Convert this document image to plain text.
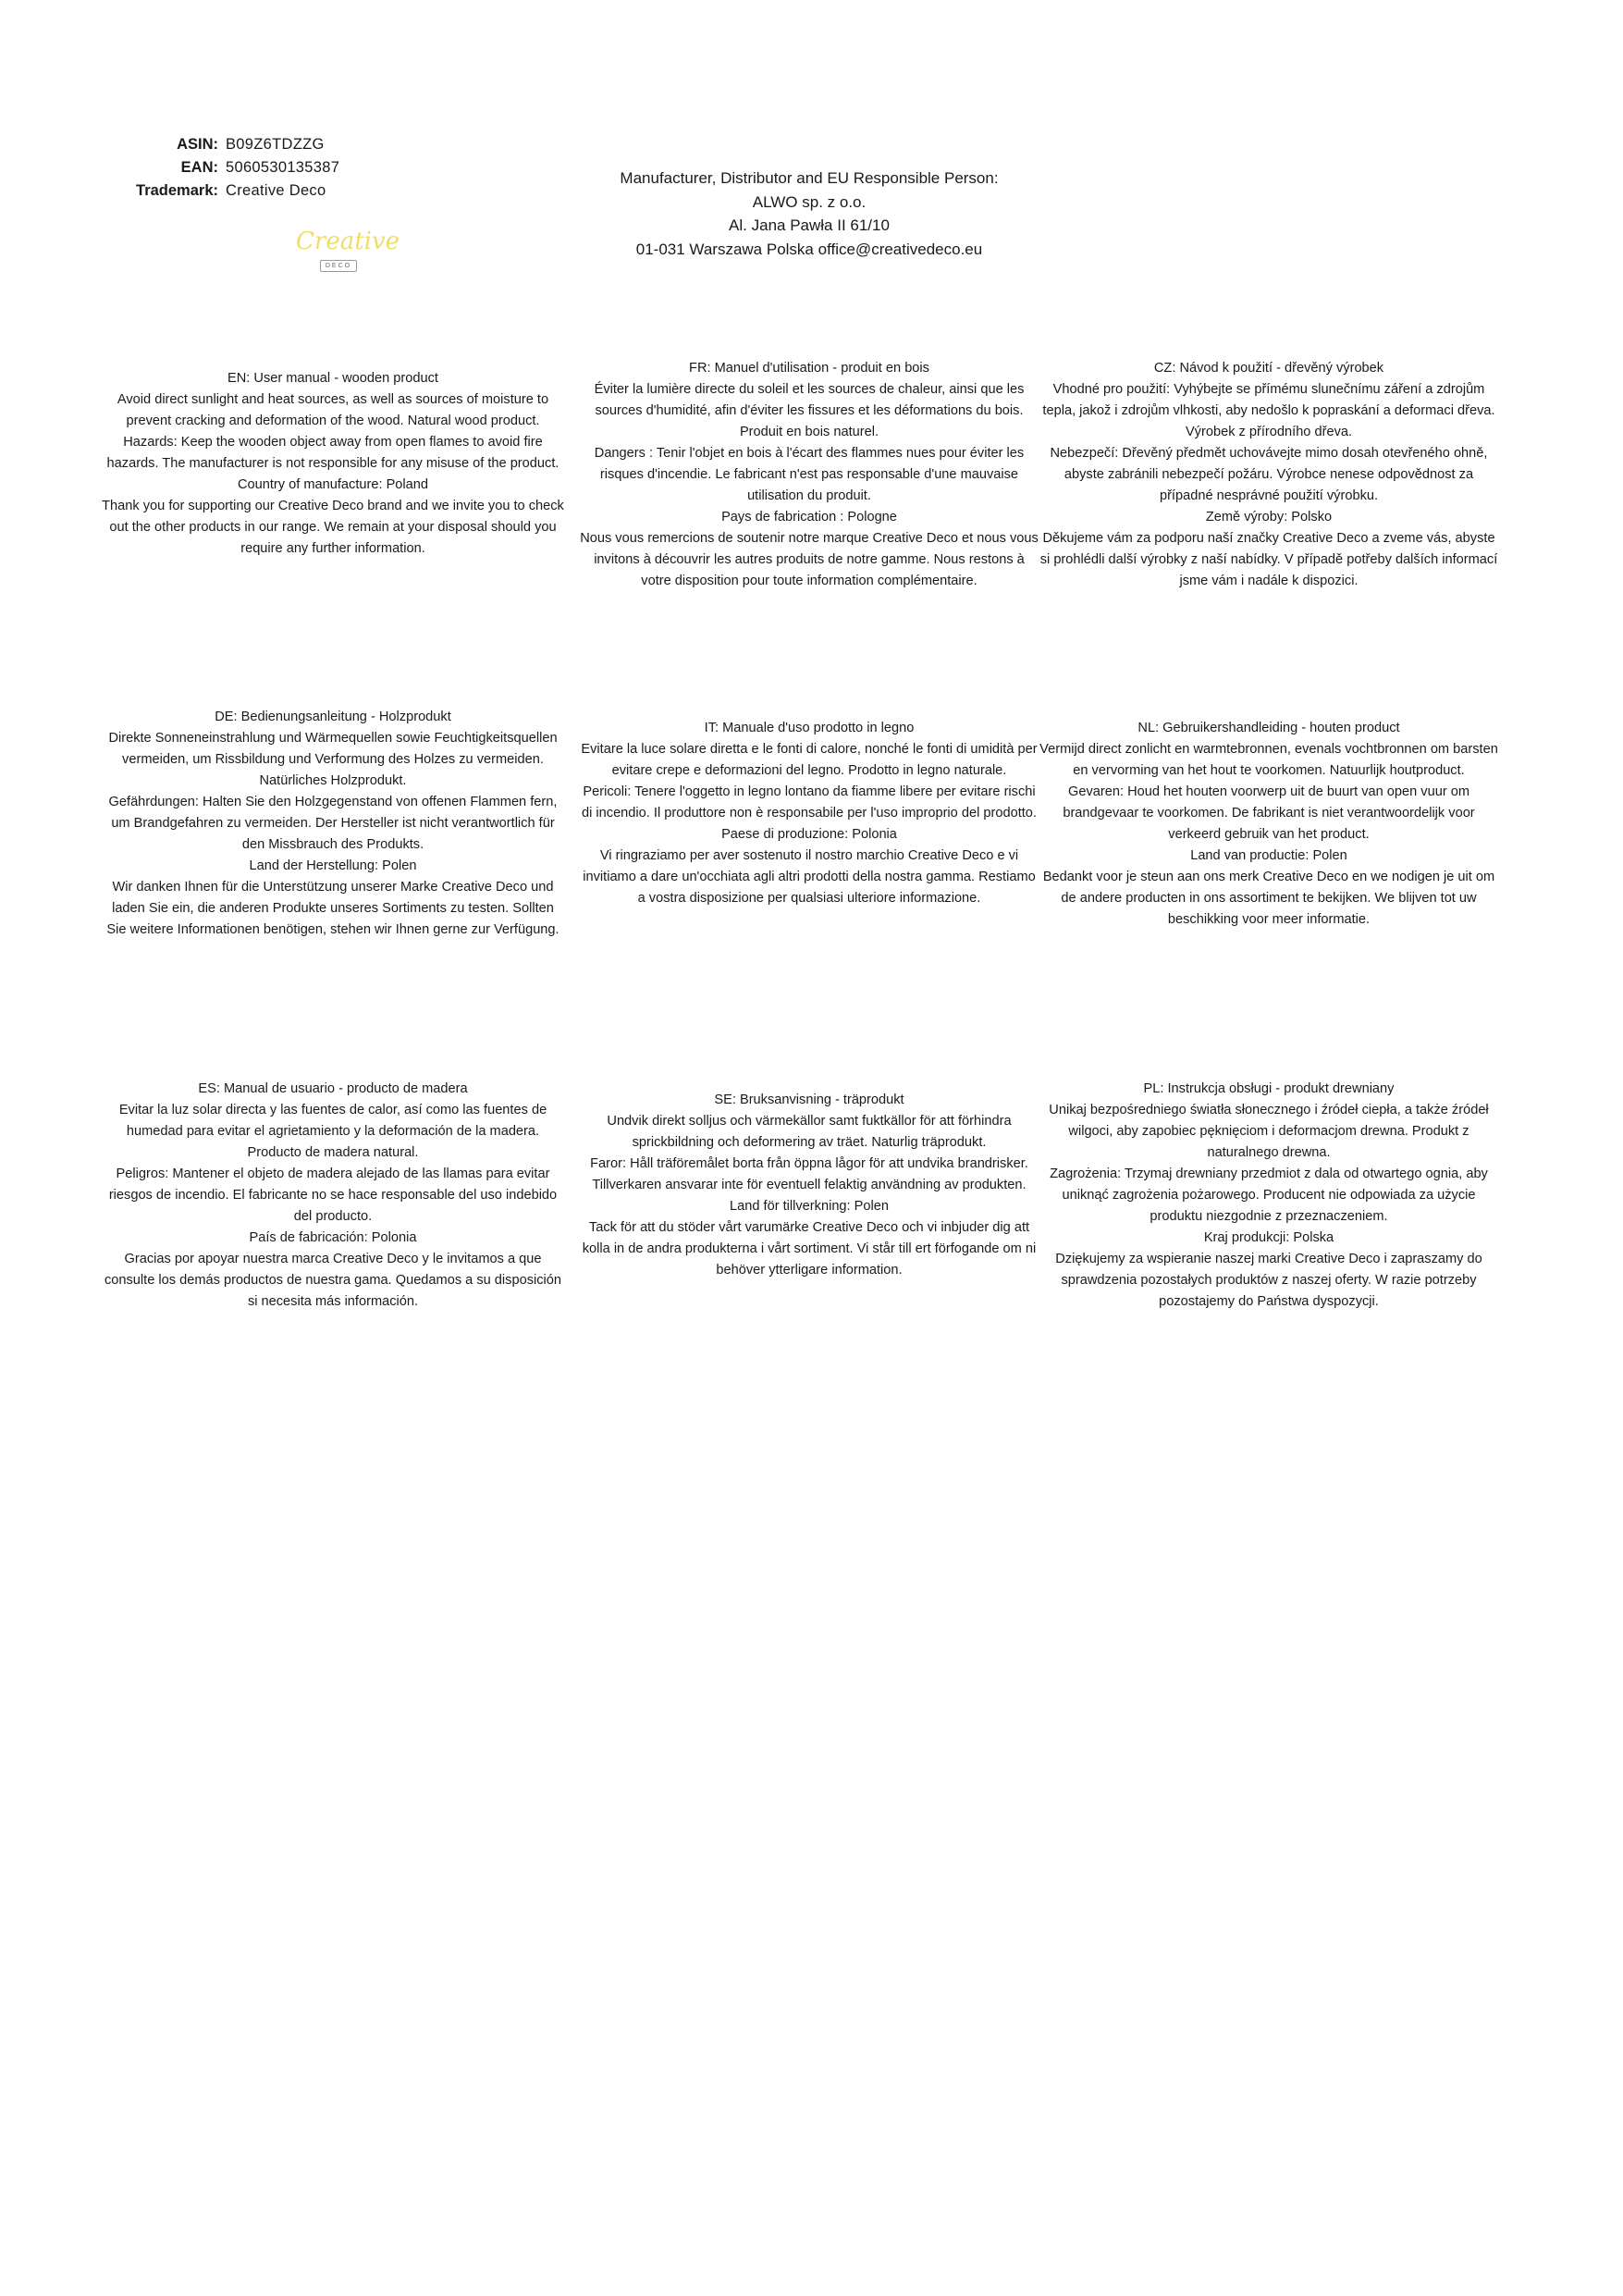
ASIN: B09Z6TDZZG
EAN: 5060530135387
Trademark: Creative Deco
Creative
DECO
Manufacturer, Distributor and EU Responsible Person:
ALWO sp. z o.o.
Al. Jana Pawła II 61/10
01-031 Warszawa Polska office@creativedeco.eu

EN: User manual - wooden product

Avoid direct sunlight and heat sources, as well as sources of moisture to prevent cracking and deformation of the wood. Natural wood product.

Hazards: Keep the wooden object away from open flames to avoid fire hazards. The manufacturer is not responsible for any misuse of the product.

Country of manufacture: Poland

Thank you for supporting our Creative Deco brand and we invite you to check out the other products in our range. We remain at your disposal should you require any further information.

FR: Manuel d'utilisation - produit en bois

Éviter la lumière directe du soleil et les sources de chaleur, ainsi que les sources d'humidité, afin d'éviter les fissures et les déformations du bois. Produit en bois naturel.

Dangers : Tenir l'objet en bois à l'écart des flammes nues pour éviter les risques d'incendie. Le fabricant n'est pas responsable d'une mauvaise utilisation du produit.

Pays de fabrication : Pologne

Nous vous remercions de soutenir notre marque Creative Deco et nous vous invitons à découvrir les autres produits de notre gamme. Nous restons à votre disposition pour toute information complémentaire.

CZ: Návod k použití - dřevěný výrobek

Vhodné pro použití: Vyhýbejte se přímému slunečnímu záření a zdrojům tepla, jakož i zdrojům vlhkosti, aby nedošlo k popraskání a deformaci dřeva. Výrobek z přírodního dřeva.

Nebezpečí: Dřevěný předmět uchovávejte mimo dosah otevřeného ohně, abyste zabránili nebezpečí požáru. Výrobce nenese odpovědnost za případné nesprávné použití výrobku.

Země výroby: Polsko

Děkujeme vám za podporu naší značky Creative Deco a zveme vás, abyste si prohlédli další výrobky z naší nabídky. V případě potřeby dalších informací jsme vám i nadále k dispozici.

DE: Bedienungsanleitung - Holzprodukt

Direkte Sonneneinstrahlung und Wärmequellen sowie Feuchtigkeitsquellen vermeiden, um Rissbildung und Verformung des Holzes zu vermeiden. Natürliches Holzprodukt.

Gefährdungen: Halten Sie den Holzgegenstand von offenen Flammen fern, um Brandgefahren zu vermeiden. Der Hersteller ist nicht verantwortlich für den Missbrauch des Produkts.

Land der Herstellung: Polen

Wir danken Ihnen für die Unterstützung unserer Marke Creative Deco und laden Sie ein, die anderen Produkte unseres Sortiments zu testen. Sollten Sie weitere Informationen benötigen, stehen wir Ihnen gerne zur Verfügung.

IT: Manuale d'uso prodotto in legno

Evitare la luce solare diretta e le fonti di calore, nonché le fonti di umidità per evitare crepe e deformazioni del legno. Prodotto in legno naturale.

Pericoli: Tenere l'oggetto in legno lontano da fiamme libere per evitare rischi di incendio. Il produttore non è responsabile per l'uso improprio del prodotto.

Paese di produzione: Polonia

Vi ringraziamo per aver sostenuto il nostro marchio Creative Deco e vi invitiamo a dare un'occhiata agli altri prodotti della nostra gamma. Restiamo a vostra disposizione per qualsiasi ulteriore informazione.

NL: Gebruikershandleiding - houten product

Vermijd direct zonlicht en warmtebronnen, evenals vochtbronnen om barsten en vervorming van het hout te voorkomen. Natuurlijk houtproduct.

Gevaren: Houd het houten voorwerp uit de buurt van open vuur om brandgevaar te voorkomen. De fabrikant is niet verantwoordelijk voor verkeerd gebruik van het product.

Land van productie: Polen

Bedankt voor je steun aan ons merk Creative Deco en we nodigen je uit om de andere producten in ons assortiment te bekijken. We blijven tot uw beschikking voor meer informatie.

ES: Manual de usuario - producto de madera

Evitar la luz solar directa y las fuentes de calor, así como las fuentes de humedad para evitar el agrietamiento y la deformación de la madera. Producto de madera natural.

Peligros: Mantener el objeto de madera alejado de las llamas para evitar riesgos de incendio. El fabricante no se hace responsable del uso indebido del producto.

País de fabricación: Polonia

Gracias por apoyar nuestra marca Creative Deco y le invitamos a que consulte los demás productos de nuestra gama. Quedamos a su disposición si necesita más información.

SE: Bruksanvisning - träprodukt

Undvik direkt solljus och värmekällor samt fuktkällor för att förhindra sprickbildning och deformering av träet. Naturlig träprodukt.

Faror: Håll träföremålet borta från öppna lågor för att undvika brandrisker. Tillverkaren ansvarar inte för eventuell felaktig användning av produkten.

Land för tillverkning: Polen

Tack för att du stöder vårt varumärke Creative Deco och vi inbjuder dig att kolla in de andra produkterna i vårt sortiment. Vi står till ert förfogande om ni behöver ytterligare information.

PL: Instrukcja obsługi - produkt drewniany

Unikaj bezpośredniego światła słonecznego i źródeł ciepła, a także źródeł wilgoci, aby zapobiec pęknięciom i deformacjom drewna. Produkt z naturalnego drewna.

Zagrożenia: Trzymaj drewniany przedmiot z dala od otwartego ognia, aby uniknąć zagrożenia pożarowego. Producent nie odpowiada za użycie produktu niezgodnie z przeznaczeniem.

Kraj produkcji: Polska

Dziękujemy za wspieranie naszej marki Creative Deco i zapraszamy do sprawdzenia pozostałych produktów z naszej oferty. W razie potrzeby pozostajemy do Państwa dyspozycji.
